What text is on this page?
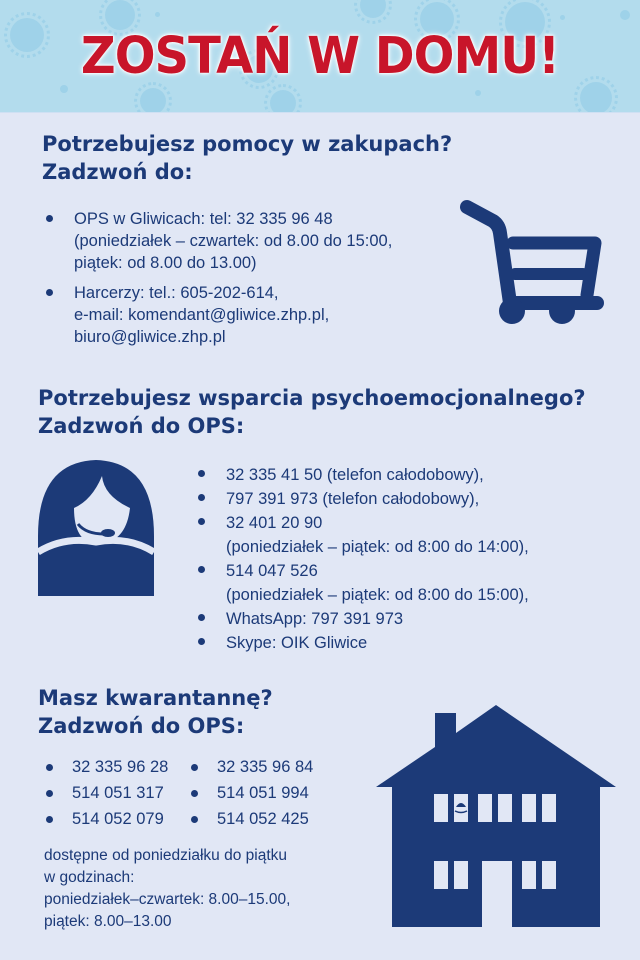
ZOSTAŃ W DOMU!
Potrzebujesz pomocy w zakupach?
Zadzwoń do:
OPS w Gliwicach: tel: 32 335 96 48
(poniedziałek – czwartek: od 8.00 do 15:00,
piątek: od 8.00 do 13.00)
Harcerzy: tel.: 605-202-614,
e-mail: komendant@gliwice.zhp.pl,
biuro@gliwice.zhp.pl
Potrzebujesz wsparcia psychoemocjonalnego?
Zadzwoń do OPS:
32 335 41 50 (telefon całodobowy),
797 391 973 (telefon całodobowy),
32 401 20 90
(poniedziałek – piątek: od 8:00 do 14:00),
514 047 526
(poniedziałek – piątek: od 8:00 do 15:00),
WhatsApp: 797 391 973
Skype: OIK Gliwice
Masz kwarantannę?
Zadzwoń do OPS:
32 335 96 28	32 335 96 84
514 051 317	514 051 994
514 052 079	514 052 425
dostępne od poniedziałku do piątku
w godzinach:
poniedziałek–czwartek: 8.00–15.00,
piątek: 8.00–13.00
